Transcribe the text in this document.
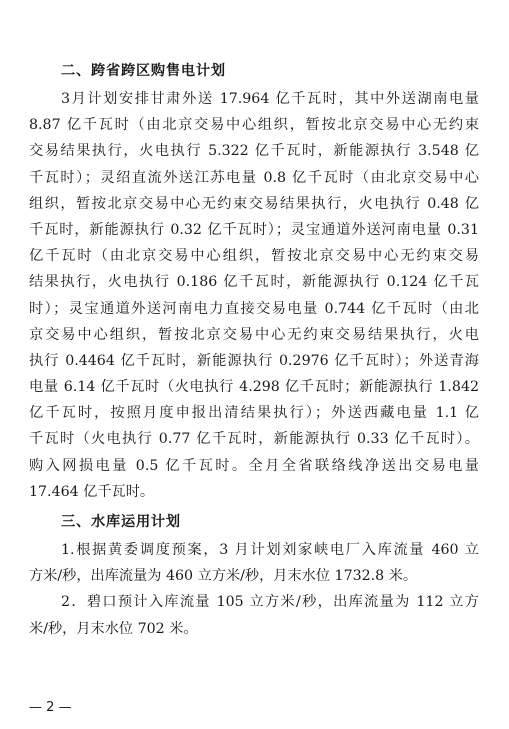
二、跨省跨区购售电计划
3月计划安排甘肃外送 17.964 亿千瓦时，其中外送湖南电量
8.87 亿千瓦时（由北京交易中心组织，暂按北京交易中心无约束
交易结果执行，火电执行 5.322 亿千瓦时，新能源执行 3.548 亿
千瓦时）；灵绍直流外送江苏电量 0.8 亿千瓦时（由北京交易中心
组织，暂按北京交易中心无约束交易结果执行，火电执行 0.48 亿
千瓦时，新能源执行 0.32 亿千瓦时）；灵宝通道外送河南电量 0.31
亿千瓦时（由北京交易中心组织，暂按北京交易中心无约束交易
结果执行，火电执行 0.186 亿千瓦时，新能源执行 0.124 亿千瓦
时）；灵宝通道外送河南电力直接交易电量 0.744 亿千瓦时（由北
京交易中心组织，暂按北京交易中心无约束交易结果执行，火电
执行 0.4464 亿千瓦时，新能源执行 0.2976 亿千瓦时）；外送青海
电量 6.14 亿千瓦时（火电执行 4.298 亿千瓦时；新能源执行 1.842
亿千瓦时，按照月度申报出清结果执行）；外送西藏电量 1.1 亿
千瓦时（火电执行 0.77 亿千瓦时，新能源执行 0.33 亿千瓦时）。
购入网损电量 0.5 亿千瓦时。全月全省联络线净送出交易电量
17.464 亿千瓦时。
三、水库运用计划
1.根据黄委调度预案，3 月计划刘家峡电厂入库流量 460 立
方米/秒，出库流量为 460 立方米/秒，月末水位 1732.8 米。
2．碧口预计入库流量 105 立方米/秒，出库流量为 112 立方
米/秒，月末水位 702 米。
— 2 —
